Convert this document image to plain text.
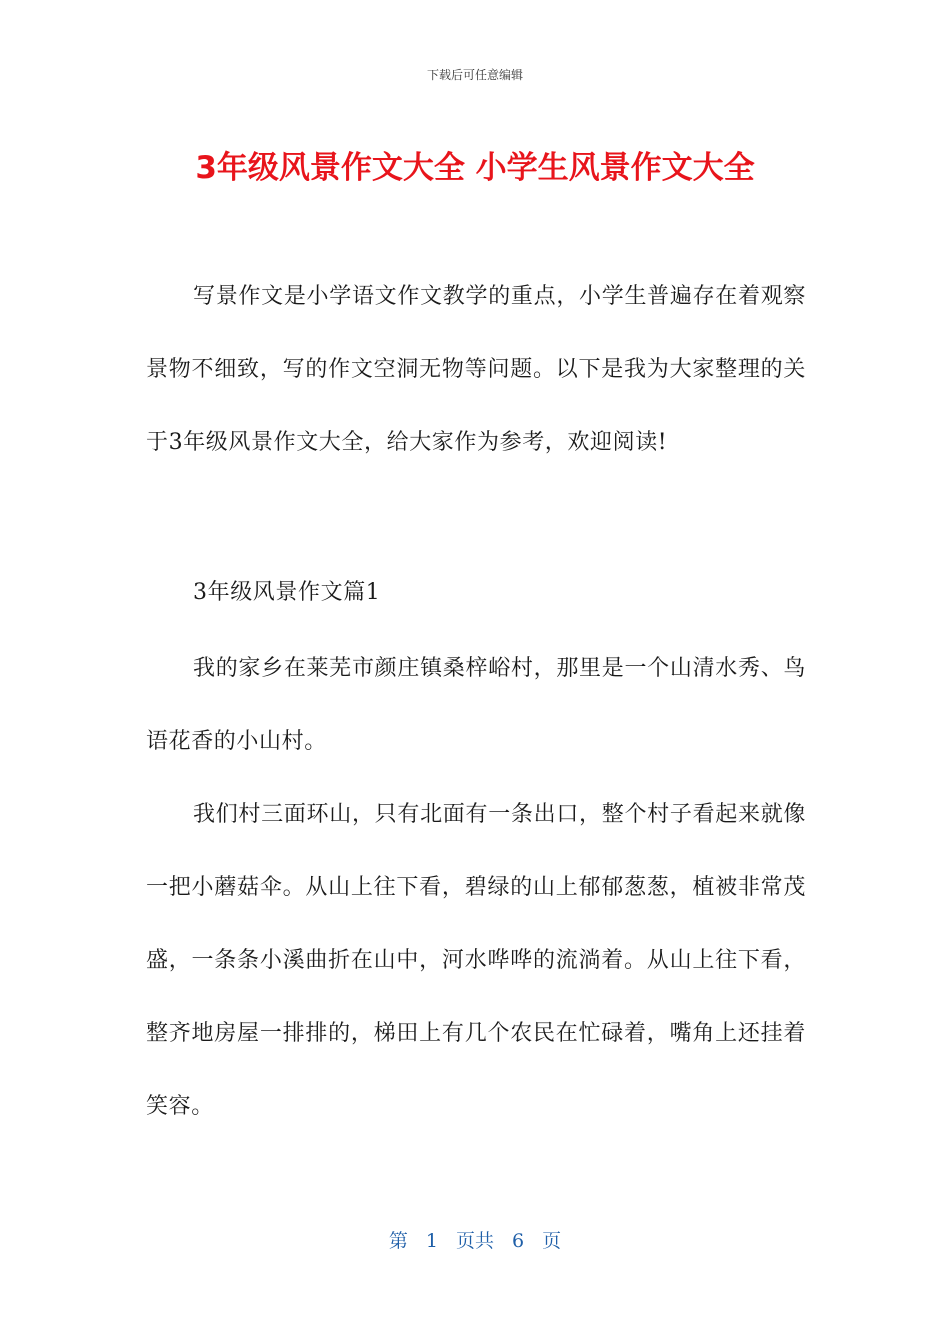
下载后可任意编辑
3年级风景作文大全 小学生风景作文大全

写景作文是小学语文作文教学的重点，小学生普遍存在着观察景物不细致，写的作文空洞无物等问题。以下是我为大家整理的关于3年级风景作文大全，给大家作为参考，欢迎阅读!

3年级风景作文篇1

我的家乡在莱芜市颜庄镇桑梓峪村，那里是一个山清水秀、鸟语花香的小山村。

我们村三面环山，只有北面有一条出口，整个村子看起来就像一把小蘑菇伞。从山上往下看，碧绿的山上郁郁葱葱，植被非常茂盛，一条条小溪曲折在山中，河水哗哗的流淌着。从山上往下看，整齐地房屋一排排的，梯田上有几个农民在忙碌着，嘴角上还挂着笑容。

第 1 页共 6 页
